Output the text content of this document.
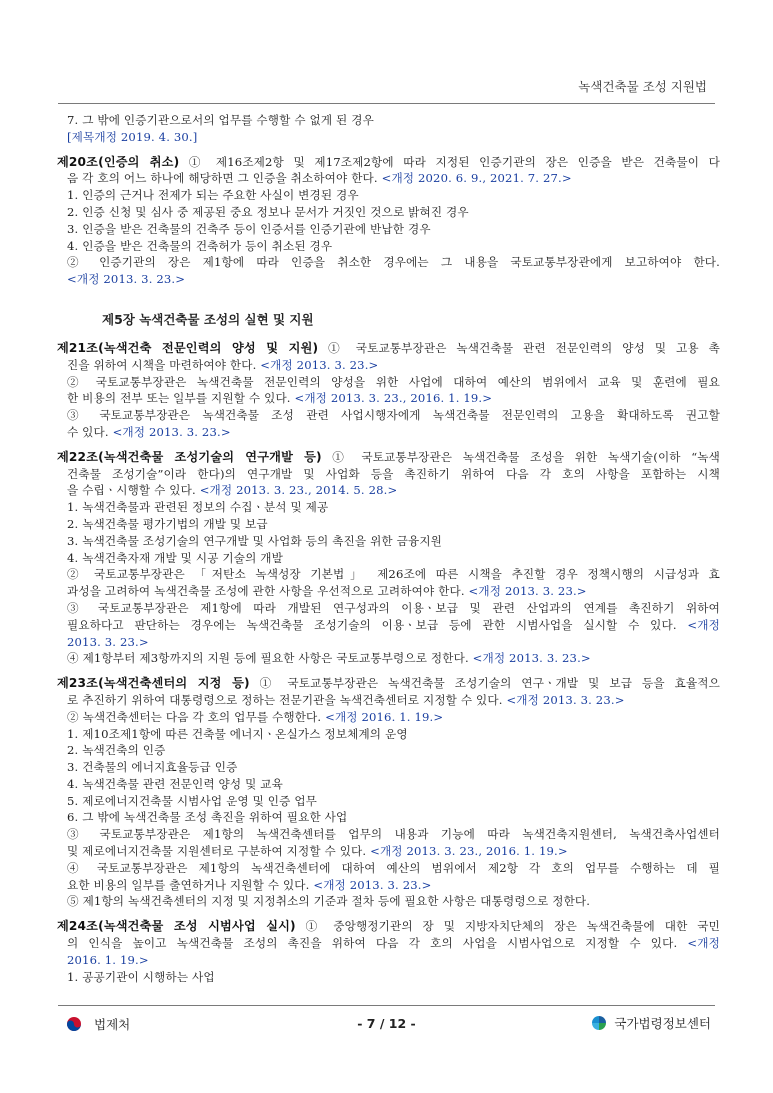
녹색건축물 조성 지원법
7. 그 밖에 인증기관으로서의 업무를 수행할 수 없게 된 경우
[제목개정 2019. 4. 30.]
제20조(인증의 취소) ① 제16조제2항 및 제17조제2항에 따라 지정된 인증기관의 장은 인증을 받은 건축물이 다
음 각 호의 어느 하나에 해당하면 그 인증을 취소하여야 한다. <개정 2020. 6. 9., 2021. 7. 27.>
1. 인증의 근거나 전제가 되는 주요한 사실이 변경된 경우
2. 인증 신청 및 심사 중 제공된 중요 정보나 문서가 거짓인 것으로 밝혀진 경우
3. 인증을 받은 건축물의 건축주 등이 인증서를 인증기관에 반납한 경우
4. 인증을 받은 건축물의 건축허가 등이 취소된 경우
② 인증기관의 장은 제1항에 따라 인증을 취소한 경우에는 그 내용을 국토교통부장관에게 보고하여야 한다.
<개정 2013. 3. 23.>
제5장 녹색건축물 조성의 실현 및 지원
제21조(녹색건축 전문인력의 양성 및 지원) ① 국토교통부장관은 녹색건축물 관련 전문인력의 양성 및 고용 촉
진을 위하여 시책을 마련하여야 한다. <개정 2013. 3. 23.>
② 국토교통부장관은 녹색건축물 전문인력의 양성을 위한 사업에 대하여 예산의 범위에서 교육 및 훈련에 필요
한 비용의 전부 또는 일부를 지원할 수 있다. <개정 2013. 3. 23., 2016. 1. 19.>
③ 국토교통부장관은 녹색건축물 조성 관련 사업시행자에게 녹색건축물 전문인력의 고용을 확대하도록 권고할
수 있다. <개정 2013. 3. 23.>
제22조(녹색건축물 조성기술의 연구개발 등) ① 국토교통부장관은 녹색건축물 조성을 위한 녹색기술(이하 “녹색
건축물 조성기술”이라 한다)의 연구개발 및 사업화 등을 촉진하기 위하여 다음 각 호의 사항을 포함하는 시책
을 수립ㆍ시행할 수 있다. <개정 2013. 3. 23., 2014. 5. 28.>
1. 녹색건축물과 관련된 정보의 수집ㆍ분석 및 제공
2. 녹색건축물 평가기법의 개발 및 보급
3. 녹색건축물 조성기술의 연구개발 및 사업화 등의 촉진을 위한 금융지원
4. 녹색건축자재 개발 및 시공 기술의 개발
② 국토교통부장관은 「저탄소 녹색성장 기본법」 제26조에 따른 시책을 추진할 경우 정책시행의 시급성과 효
과성을 고려하여 녹색건축물 조성에 관한 사항을 우선적으로 고려하여야 한다. <개정 2013. 3. 23.>
③ 국토교통부장관은 제1항에 따라 개발된 연구성과의 이용ㆍ보급 및 관련 산업과의 연계를 촉진하기 위하여
필요하다고 판단하는 경우에는 녹색건축물 조성기술의 이용ㆍ보급 등에 관한 시범사업을 실시할 수 있다. <개정
2013. 3. 23.>
④ 제1항부터 제3항까지의 지원 등에 필요한 사항은 국토교통부령으로 정한다. <개정 2013. 3. 23.>
제23조(녹색건축센터의 지정 등) ① 국토교통부장관은 녹색건축물 조성기술의 연구ㆍ개발 및 보급 등을 효율적으
로 추진하기 위하여 대통령령으로 정하는 전문기관을 녹색건축센터로 지정할 수 있다. <개정 2013. 3. 23.>
② 녹색건축센터는 다음 각 호의 업무를 수행한다. <개정 2016. 1. 19.>
1. 제10조제1항에 따른 건축물 에너지ㆍ온실가스 정보체계의 운영
2. 녹색건축의 인증
3. 건축물의 에너지효율등급 인증
4. 녹색건축물 관련 전문인력 양성 및 교육
5. 제로에너지건축물 시범사업 운영 및 인증 업무
6. 그 밖에 녹색건축물 조성 촉진을 위하여 필요한 사업
③ 국토교통부장관은 제1항의 녹색건축센터를 업무의 내용과 기능에 따라 녹색건축지원센터, 녹색건축사업센터
및 제로에너지건축물 지원센터로 구분하여 지정할 수 있다. <개정 2013. 3. 23., 2016. 1. 19.>
④ 국토교통부장관은 제1항의 녹색건축센터에 대하여 예산의 범위에서 제2항 각 호의 업무를 수행하는 데 필
요한 비용의 일부를 출연하거나 지원할 수 있다. <개정 2013. 3. 23.>
⑤ 제1항의 녹색건축센터의 지정 및 지정취소의 기준과 절차 등에 필요한 사항은 대통령령으로 정한다.
제24조(녹색건축물 조성 시범사업 실시) ① 중앙행정기관의 장 및 지방자치단체의 장은 녹색건축물에 대한 국민
의 인식을 높이고 녹색건축물 조성의 촉진을 위하여 다음 각 호의 사업을 시범사업으로 지정할 수 있다. <개정
2016. 1. 19.>
1. 공공기관이 시행하는 사업
법제처	- 7 / 12 -	국가법령정보센터
